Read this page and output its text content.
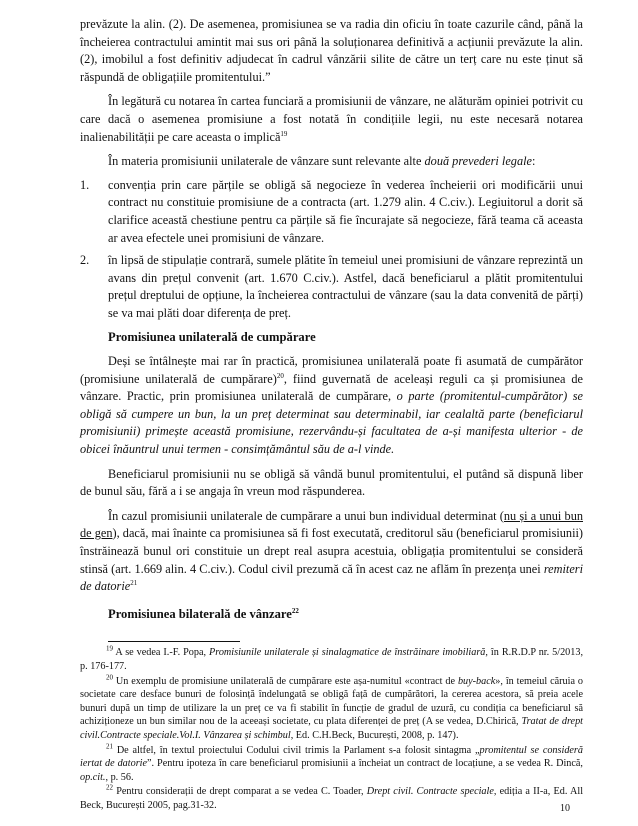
prevăzute la alin. (2). De asemenea, promisiunea se va radia din oficiu în toate cazurile când, până la încheierea contractului amintit mai sus ori până la soluționarea definitivă a acțiunii prevăzute la alin. (2), imobilul a fost definitiv adjudecat în cadrul vânzării silite de către un terț care nu este ținut să răspundă de obligațiile promitentului.”

În legătură cu notarea în cartea funciară a promisiunii de vânzare, ne alăturăm opiniei potrivit cu care dacă o asemenea promisiune a fost notată în condițiile legii, nu este necesară notarea inalienabilității pe care aceasta o implică$^{19}$

În materia promisiunii unilaterale de vânzare sunt relevante alte două prevederi legale:

1. convenția prin care părțile se obligă să negocieze în vederea încheierii ori modificării unui contract nu constituie promisiune de a contracta (art. 1.279 alin. 4 C.civ.). Legiuitorul a dorit să clarifice această chestiune pentru ca părțile să fie încurajate să negocieze, fără teama că aceasta ar avea efectele unei promisiuni de vânzare.
2. în lipsă de stipulație contrară, sumele plătite în temeiul unei promisiuni de vânzare reprezintă un avans din prețul convenit (art. 1.670 C.civ.). Astfel, dacă beneficiarul a plătit promitentului prețul dreptului de opțiune, la încheierea contractului de vânzare (sau la data convenită de părți) se va mai plăti doar diferența de preț.
Promisiunea unilaterală de cumpărare

Deși se întâlnește mai rar în practică, promisiunea unilaterală poate fi asumată de cumpărător (promisiune unilaterală de cumpărare)$^{20}$, fiind guvernată de aceleași reguli ca și promisiunea de vânzare. Practic, prin promisiunea unilaterală de cumpărare, o parte (promitentul-cumpărător) se obligă să cumpere un bun, la un preț determinat sau determinabil, iar cealaltă parte (beneficiarul promisiunii) primește această promisiune, rezervându-și facultatea de a-și manifesta ulterior - de obicei înăuntrul unui termen - consimțământul său de a-l vinde.

Beneficiarul promisiunii nu se obligă să vândă bunul promitentului, el putând să dispună liber de bunul său, fără a i se angaja în vreun mod răspunderea.

În cazul promisiunii unilaterale de cumpărare a unui bun individual determinat (nu și a unui bun de gen), dacă, mai înainte ca promisiunea să fi fost executată, creditorul său (beneficiarul promisiunii) înstrăinează bunul ori constituie un drept real asupra acestuia, obligația promitentului se consideră stinsă (art. 1.669 alin. 4 C.civ.). Codul civil prezumă că în acest caz ne aflăm în prezența unei remiteri de datorie$^{21}$

Promisiunea bilaterală de vânzare$^{22}$

$^{19}$ A se vedea I.-F. Popa, Promisiunile unilaterale și sinalagmatice de înstrăinare imobiliară, în R.R.D.P nr. 5/2013, p. 176-177.

$^{20}$ Un exemplu de promisiune unilaterală de cumpărare este așa-numitul «contract de buy-back», în temeiul căruia o societate care desface bunuri de folosință îndelungată se obligă față de cumpărători, la cererea acestora, să preia acele bunuri după un timp de utilizare la un preț ce va fi stabilit în funcție de gradul de uzură, cu condiția ca beneficiarul să achiziționeze un bun similar nou de la aceeași societate, cu plata diferenței de preț (A se vedea, D.Chirică, Tratat de drept civil.Contracte speciale.Vol.I. Vânzarea și schimbul, Ed. C.H.Beck, București, 2008, p. 147).

$^{21}$ De altfel, în textul proiectului Codului civil trimis la Parlament s-a folosit sintagma „promitentul se consideră iertat de datorie”. Pentru ipoteza în care beneficiarul promisiunii a încheiat un contract de locațiune, a se vedea R. Dincă, op.cit., p. 56.

$^{22}$ Pentru considerații de drept comparat a se vedea C. Toader, Drept civil. Contracte speciale, ediția a II-a, Ed. All Beck, București 2005, pag.31-32.	10
